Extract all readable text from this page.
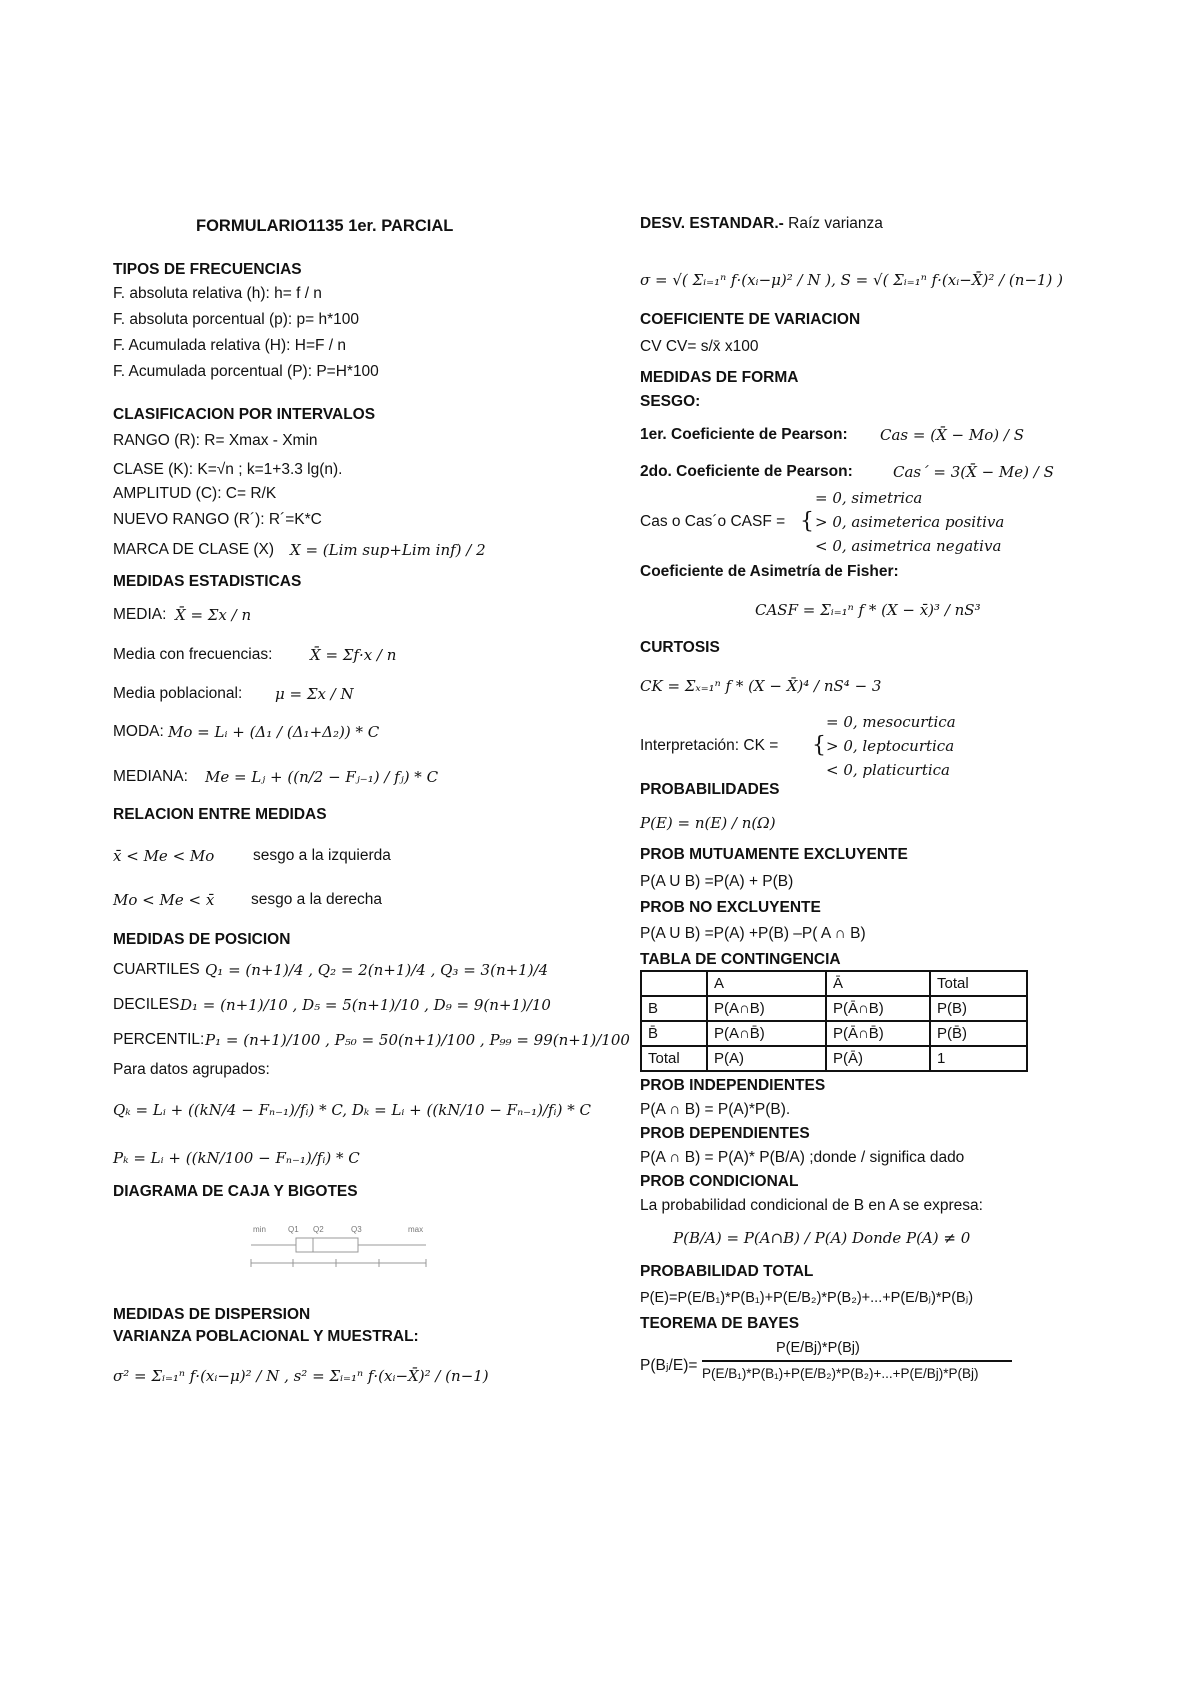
FORMULARIO1135 1er. PARCIAL
TIPOS DE FRECUENCIAS
F. absoluta relativa (h): h= f / n
F. absoluta porcentual (p): p= h*100
F. Acumulada relativa (H): H=F / n
F. Acumulada porcentual (P): P=H*100
CLASIFICACION POR INTERVALOS
RANGO (R): R= Xmax - Xmin
CLASE (K): K=√n ; k=1+3.3 lg(n).
AMPLITUD (C): C= R/K
NUEVO RANGO (R´): R´=K*C
MARCA DE CLASE (X) X = (Lim sup+Lim inf) / 2
MEDIDAS ESTADISTICAS
MEDIA: X̄ = Σx / n
Media con frecuencias:	X̄ = Σf·x / n
Media poblacional: μ = Σx / N
MODA: Mo = Lᵢ + (Δ₁ / (Δ₁+Δ₂)) * C
MEDIANA: Me = Lⱼ + ((n/2 − Fⱼ₋₁) / fⱼ) * C
RELACION ENTRE MEDIDAS
x̄ < Me < Mo sesgo a la izquierda
Mo < Me < x̄ sesgo a la derecha
MEDIDAS DE POSICION
CUARTILES Q₁ = (n+1)/4 , Q₂ = 2(n+1)/4 , Q₃ = 3(n+1)/4
DECILES D₁ = (n+1)/10 , D₅ = 5(n+1)/10 , D₉ = 9(n+1)/10
PERCENTIL: P₁ = (n+1)/100 , P₅₀ = 50(n+1)/100 , P₉₉ = 99(n+1)/100
Para datos agrupados:
Qₖ = Lᵢ + ((kN/4 − Fₙ₋₁)/fᵢ) * C, Dₖ = Lᵢ + ((kN/10 − Fₙ₋₁)/fᵢ) * C
Pₖ = Lᵢ + ((kN/100 − Fₙ₋₁)/fᵢ) * C
DIAGRAMA DE CAJA Y BIGOTES
min	Q1 Q2	Q3	max
MEDIDAS DE DISPERSION
VARIANZA POBLACIONAL Y MUESTRAL:
σ² = Σᵢ₌₁ⁿ f·(xᵢ−μ)² / N , s² = Σᵢ₌₁ⁿ f·(xᵢ−X̄)² / (n−1)
DESV. ESTANDAR.- Raíz varianza
σ = √( Σᵢ₌₁ⁿ f·(xᵢ−μ)² / N ), S = √( Σᵢ₌₁ⁿ f·(xᵢ−X̄)² / (n−1) )
COEFICIENTE DE VARIACION
CV CV= s/x̄ x100
MEDIDAS DE FORMA
SESGO:
1er. Coeficiente de Pearson: Cas = (X̄ − Mo) / S
2do. Coeficiente de Pearson:	Cas´ = 3(X̄ − Me) / S
Cas o Cas´o CASF = {
= 0, simetrica
> 0, asimeterica positiva
< 0, asimetrica negativa
Coeficiente de Asimetría de Fisher:
CASF = Σᵢ₌₁ⁿ f * (X − x̄)³ / nS³
CURTOSIS
CK = Σₓ₌₁ⁿ f * (X − X̄)⁴ / nS⁴ − 3
Interpretación: CK = {
= 0, mesocurtica
> 0, leptocurtica
< 0, platicurtica
PROBABILIDADES
P(E) = n(E) / n(Ω)
PROB MUTUAMENTE EXCLUYENTE
P(A U B) =P(A) + P(B)
PROB NO EXCLUYENTE
P(A U B) =P(A) +P(B) –P( A ∩ B)
TABLA DE CONTINGENCIA
	A	Ā	Total
B	P(A∩B)	P(Ā∩B)	P(B)
B̄	P(A∩B̄)	P(Ā∩B̄)	P(B̄)
Total	P(A)	P(Ā)	1
PROB INDEPENDIENTES
P(A ∩ B) = P(A)*P(B).
PROB DEPENDIENTES
P(A ∩ B) = P(A)* P(B/A) ;donde / significa dado
PROB CONDICIONAL
La probabilidad condicional de B en A se expresa:
P(B/A) = P(A∩B) / P(A) Donde P(A) ≠ 0
PROBABILIDAD TOTAL
P(E)=P(E/B₁)*P(B₁)+P(E/B₂)*P(B₂)+...+P(E/Bⱼ)*P(Bⱼ)
TEOREMA DE BAYES
P(Bⱼ/E)=
P(E/Bj)*P(Bj)
P(E/B₁)*P(B₁)+P(E/B₂)*P(B₂)+...+P(E/Bj)*P(Bj)
